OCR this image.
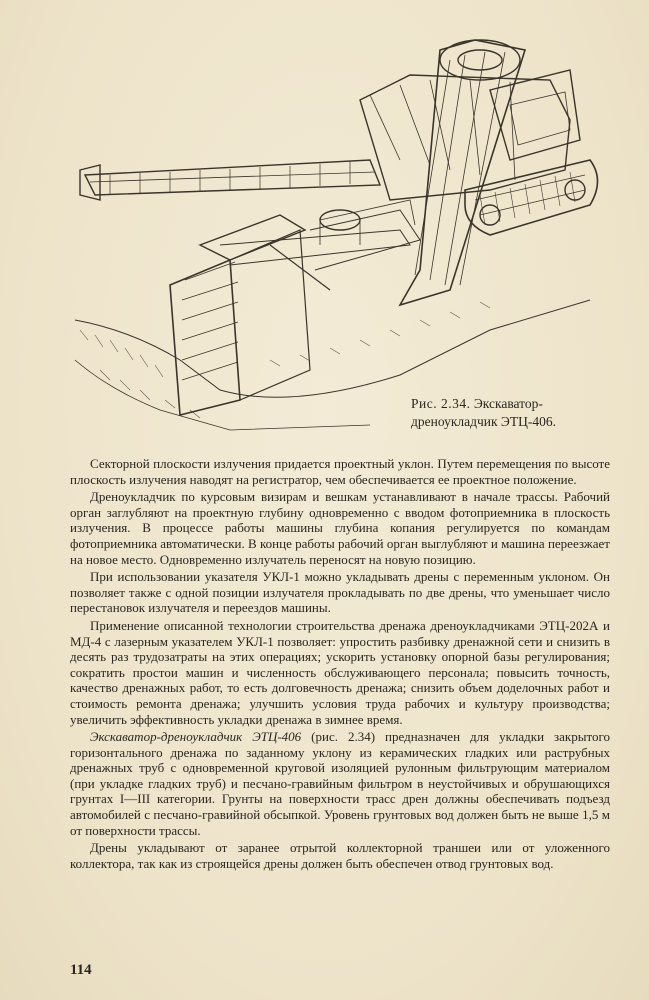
Рис. 2.34. Экскаватор-дреноукладчик ЭТЦ-406.

Секторной плоскости излучения придается проектный уклон. Путем перемещения по высоте плоскость излучения наводят на регистратор, чем обеспечивается ее проектное положение.

Дреноукладчик по курсовым визирам и вешкам устанавливают в начале трассы. Рабочий орган заглубляют на проектную глубину одновременно с вводом фотоприемника в плоскость излучения. В процессе работы машины глубина копания регулируется по командам фотоприемника автоматически. В конце работы рабочий орган выглубляют и машина переезжает на новое место. Одновременно излучатель переносят на новую позицию.

При использовании указателя УКЛ-1 можно укладывать дрены с переменным уклоном. Он позволяет также с одной позиции излучателя прокладывать по две дрены, что уменьшает число перестановок излучателя и переездов машины.

Применение описанной технологии строительства дренажа дреноукладчиками ЭТЦ-202А и МД-4 с лазерным указателем УКЛ-1 позволяет: упростить разбивку дренажной сети и снизить в десять раз трудозатраты на этих операциях; ускорить установку опорной базы регулирования; сократить простои машин и численность обслуживающего персонала; повысить точность, качество дренажных работ, то есть долговечность дренажа; снизить объем доделочных работ и стоимость ремонта дренажа; улучшить условия труда рабочих и культуру производства; увеличить эффективность укладки дренажа в зимнее время.

Экскаватор-дреноукладчик ЭТЦ-406 (рис. 2.34) предназначен для укладки закрытого горизонтального дренажа по заданному уклону из керамических гладких или раструбных дренажных труб с одновременной круговой изоляцией рулонным фильтрующим материалом (при укладке гладких труб) и песчано-гравийным фильтром в неустойчивых и обрушающихся грунтах I—III категории. Грунты на поверхности трасс дрен должны обеспечивать подъезд автомобилей с песчано-гравийной обсыпкой. Уровень грунтовых вод должен быть не выше 1,5 м от поверхности трассы.

Дрены укладывают от заранее отрытой коллекторной траншеи или от уложенного коллектора, так как из строящейся дрены должен быть обеспечен отвод грунтовых вод.

114
